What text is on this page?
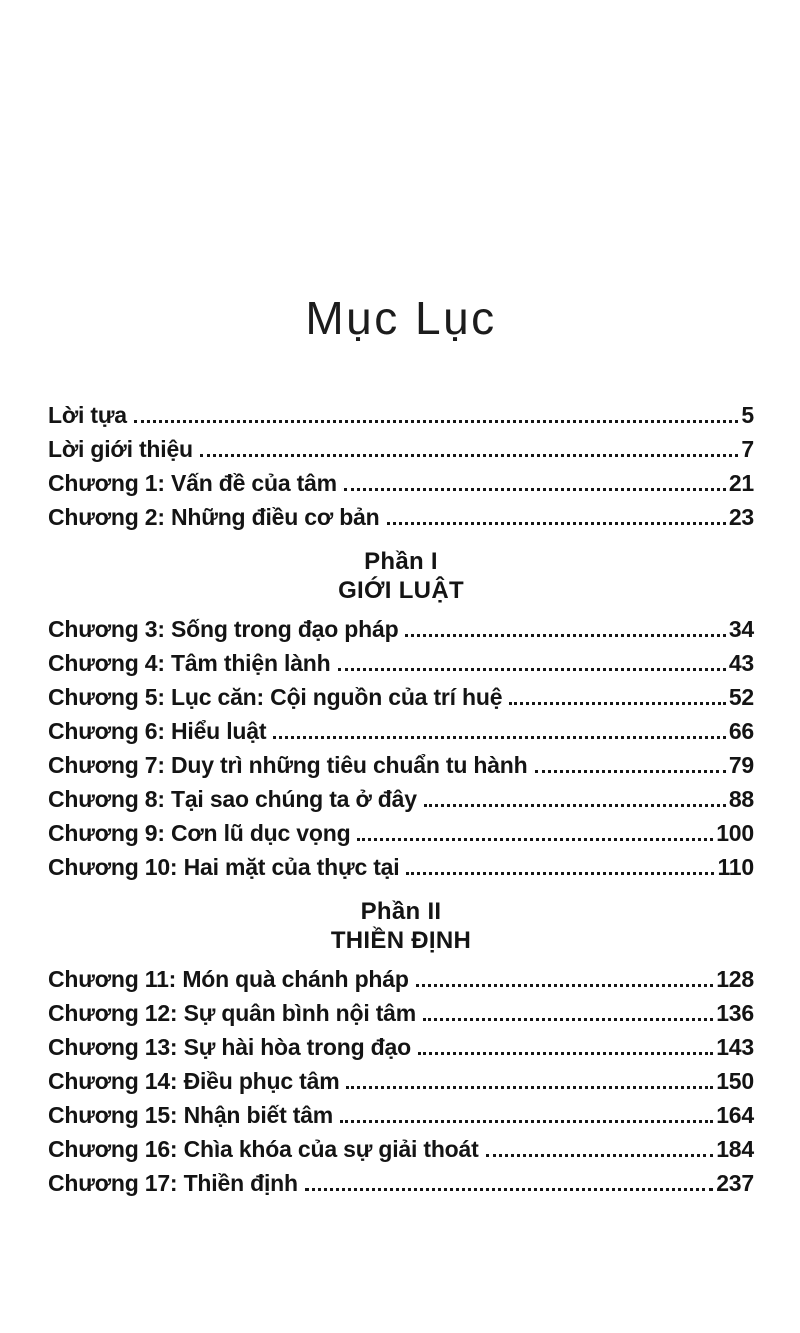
Mục Lục
Lời tựa	5
Lời giới thiệu	7
Chương 1: Vấn đề của tâm	21
Chương 2: Những điều cơ bản	23
Phần I
GIỚI LUẬT
Chương 3: Sống trong đạo pháp	34
Chương 4: Tâm thiện lành	43
Chương 5: Lục căn: Cội nguồn của trí huệ	52
Chương 6: Hiểu luật	66
Chương 7: Duy trì những tiêu chuẩn tu hành	79
Chương 8: Tại sao chúng ta ở đây	88
Chương 9: Cơn lũ dục vọng	100
Chương 10: Hai mặt của thực tại	110
Phần II
THIỀN ĐỊNH
Chương 11: Món quà chánh pháp	128
Chương 12: Sự quân bình nội tâm	136
Chương 13: Sự hài hòa trong đạo	143
Chương 14: Điều phục tâm	150
Chương 15: Nhận biết tâm	164
Chương 16: Chìa khóa của sự giải thoát	184
Chương 17: Thiền định	237
